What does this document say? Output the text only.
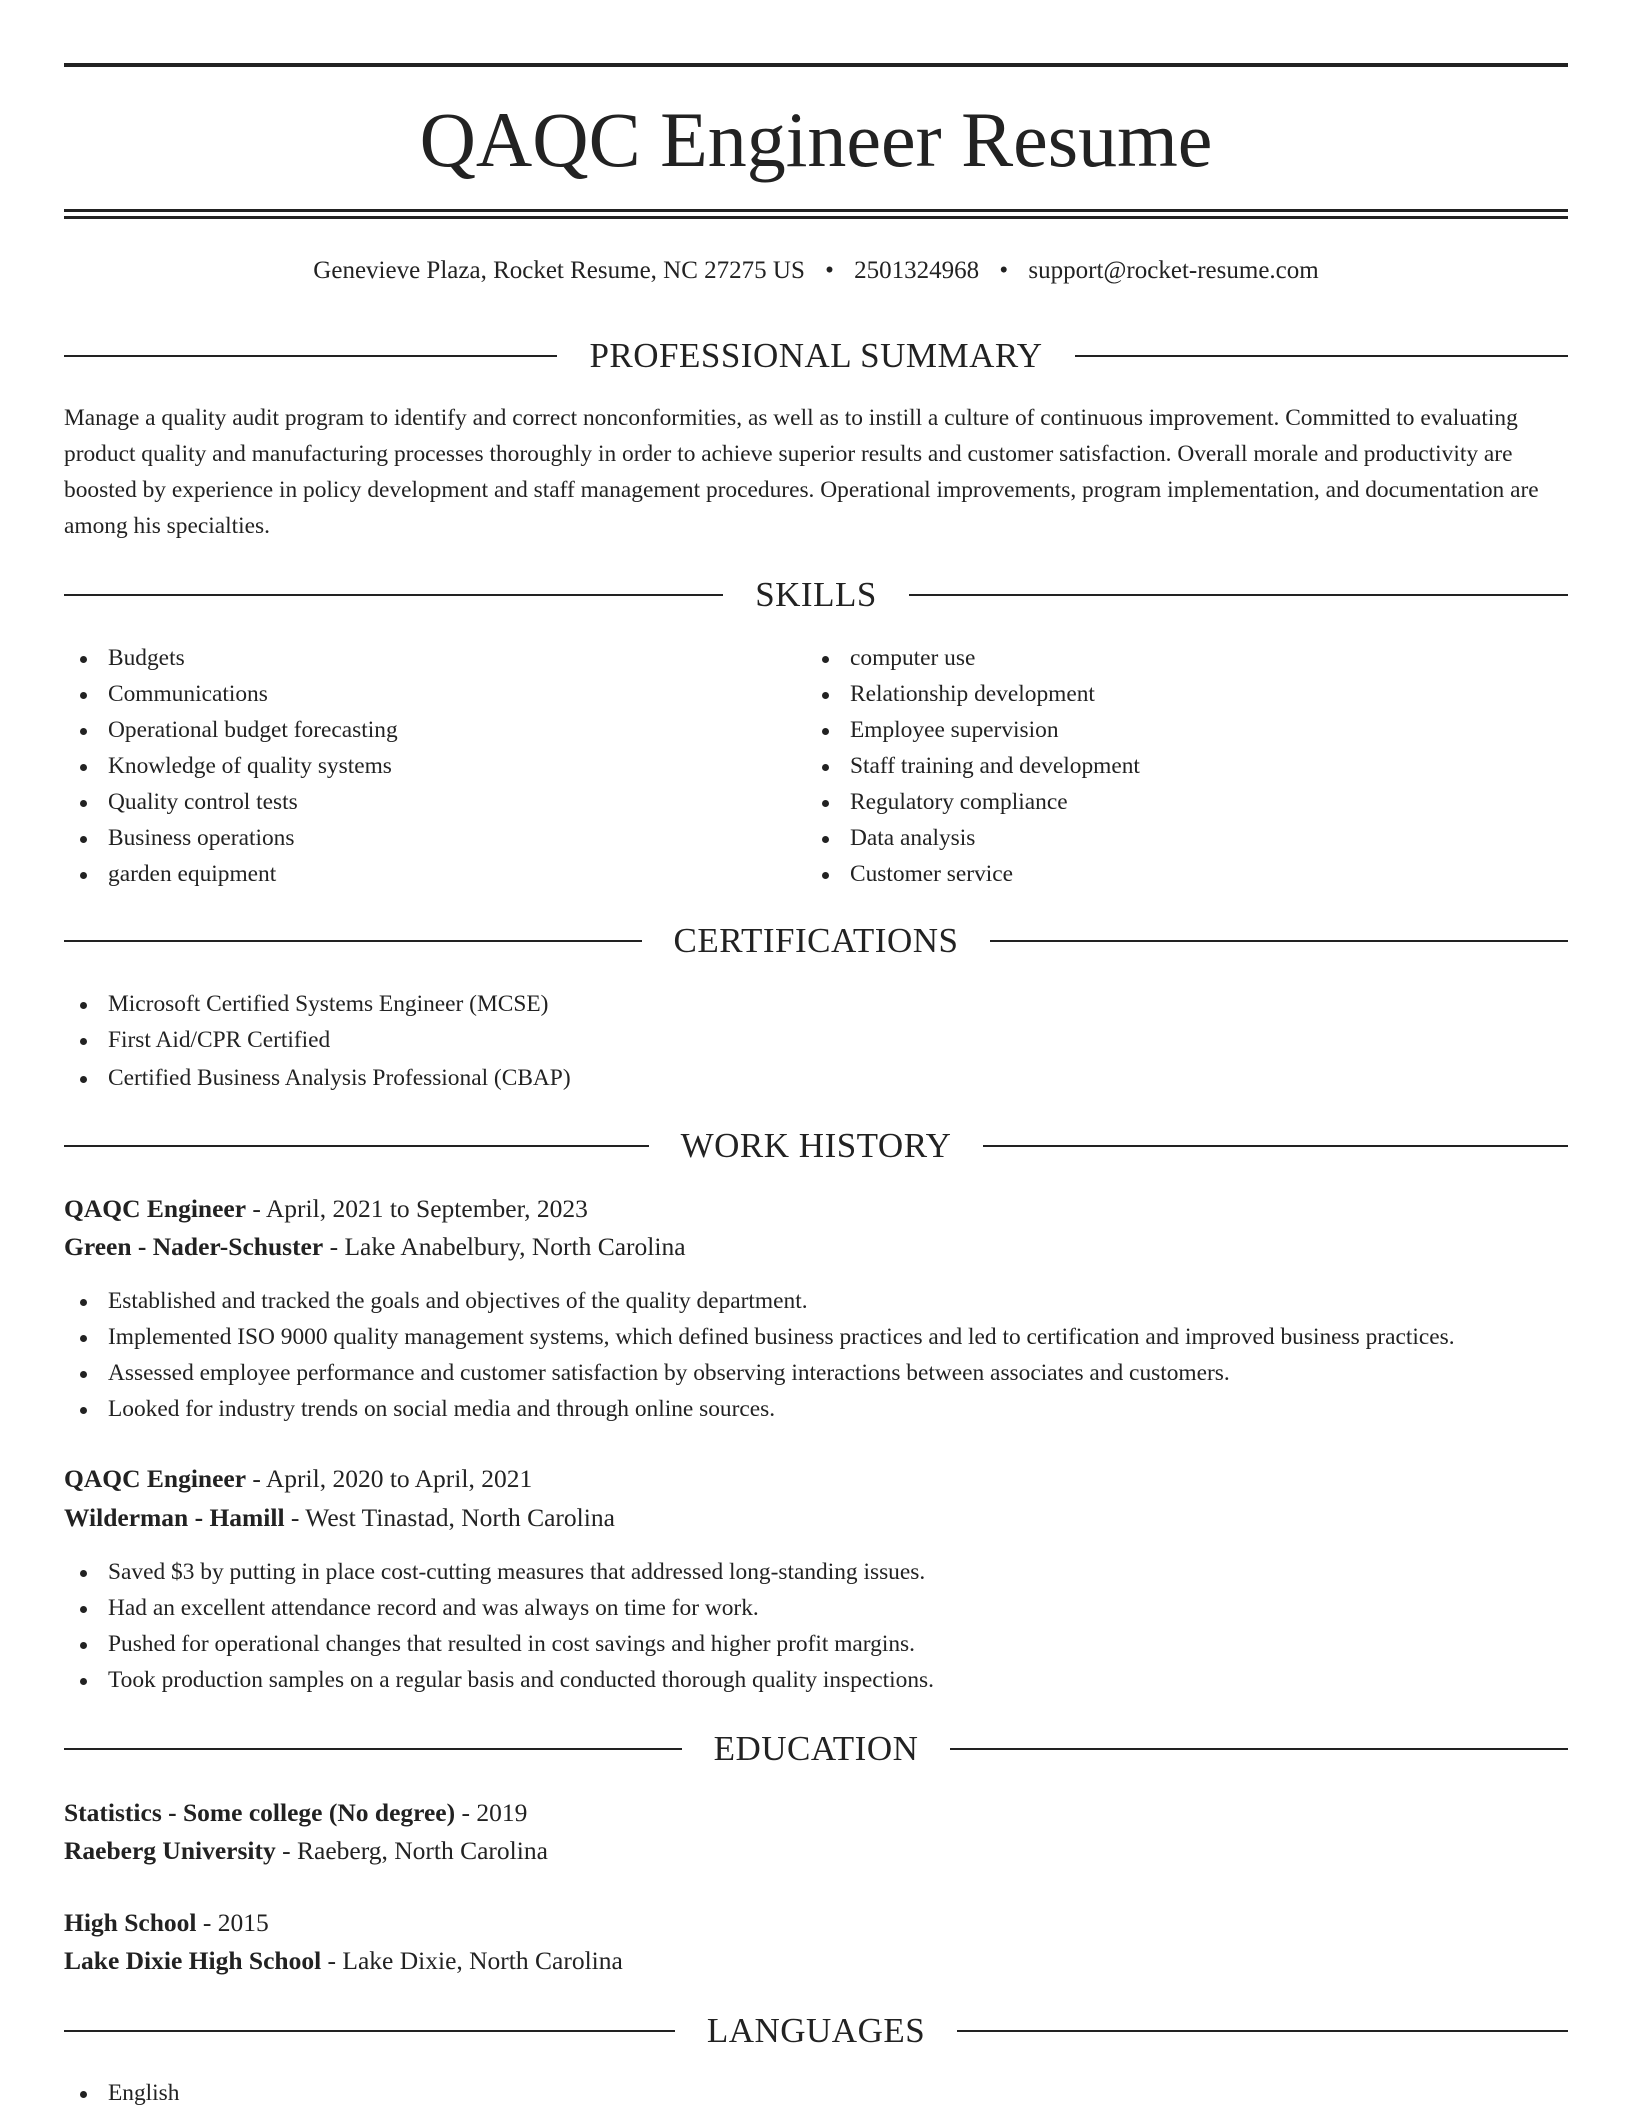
QAQC Engineer Resume
Genevieve Plaza, Rocket Resume, NC 27275 US • 2501324968 • support@rocket-resume.com
PROFESSIONAL SUMMARY

Manage a quality audit program to identify and correct nonconformities, as well as to instill a culture of continuous improvement. Committed to evaluating product quality and manufacturing processes thoroughly in order to achieve superior results and customer satisfaction. Overall morale and productivity are boosted by experience in policy development and staff management procedures. Operational improvements, program implementation, and documentation are among his specialties.

SKILLS
Budgets
Communications
Operational budget forecasting
Knowledge of quality systems
Quality control tests
Business operations
garden equipment
computer use
Relationship development
Employee supervision
Staff training and development
Regulatory compliance
Data analysis
Customer service
CERTIFICATIONS
Microsoft Certified Systems Engineer (MCSE)
First Aid/CPR Certified
Certified Business Analysis Professional (CBAP)
WORK HISTORY
QAQC Engineer - April, 2021 to September, 2023
Green - Nader-Schuster - Lake Anabelbury, North Carolina
Established and tracked the goals and objectives of the quality department.
Implemented ISO 9000 quality management systems, which defined business practices and led to certification and improved business practices.
Assessed employee performance and customer satisfaction by observing interactions between associates and customers.
Looked for industry trends on social media and through online sources.
QAQC Engineer - April, 2020 to April, 2021
Wilderman - Hamill - West Tinastad, North Carolina
Saved $3 by putting in place cost-cutting measures that addressed long-standing issues.
Had an excellent attendance record and was always on time for work.
Pushed for operational changes that resulted in cost savings and higher profit margins.
Took production samples on a regular basis and conducted thorough quality inspections.
EDUCATION
Statistics - Some college (No degree) - 2019
Raeberg University - Raeberg, North Carolina
High School - 2015
Lake Dixie High School - Lake Dixie, North Carolina
LANGUAGES
English
